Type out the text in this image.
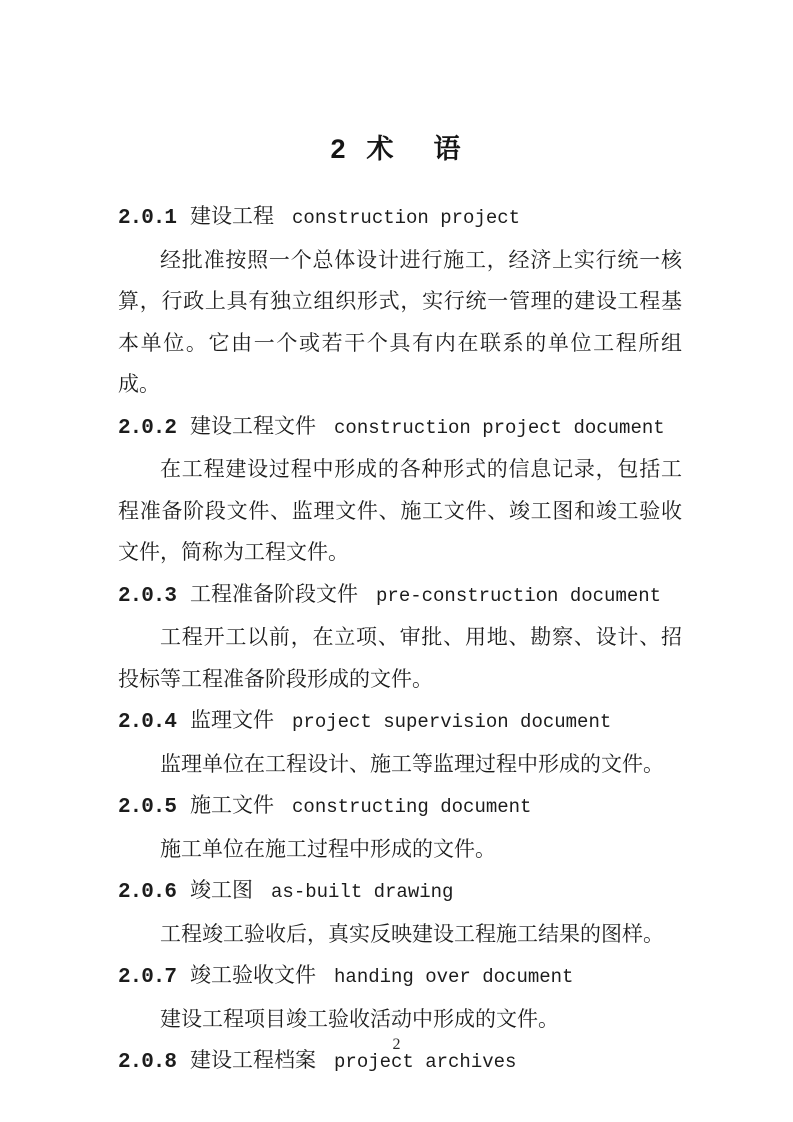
2  术    语
2.0.1 建设工程 construction project

经批准按照一个总体设计进行施工，经济上实行统一核算，行政上具有独立组织形式，实行统一管理的建设工程基本单位。它由一个或若干个具有内在联系的单位工程所组成。

2.0.2 建设工程文件 construction project document

在工程建设过程中形成的各种形式的信息记录，包括工程准备阶段文件、监理文件、施工文件、竣工图和竣工验收文件，简称为工程文件。

2.0.3 工程准备阶段文件 pre-construction document

工程开工以前，在立项、审批、用地、勘察、设计、招投标等工程准备阶段形成的文件。

2.0.4 监理文件 project supervision document

监理单位在工程设计、施工等监理过程中形成的文件。

2.0.5 施工文件 constructing document

施工单位在施工过程中形成的文件。

2.0.6 竣工图 as-built drawing

工程竣工验收后，真实反映建设工程施工结果的图样。

2.0.7 竣工验收文件 handing over document

建设工程项目竣工验收活动中形成的文件。

2.0.8 建设工程档案 project archives
2
